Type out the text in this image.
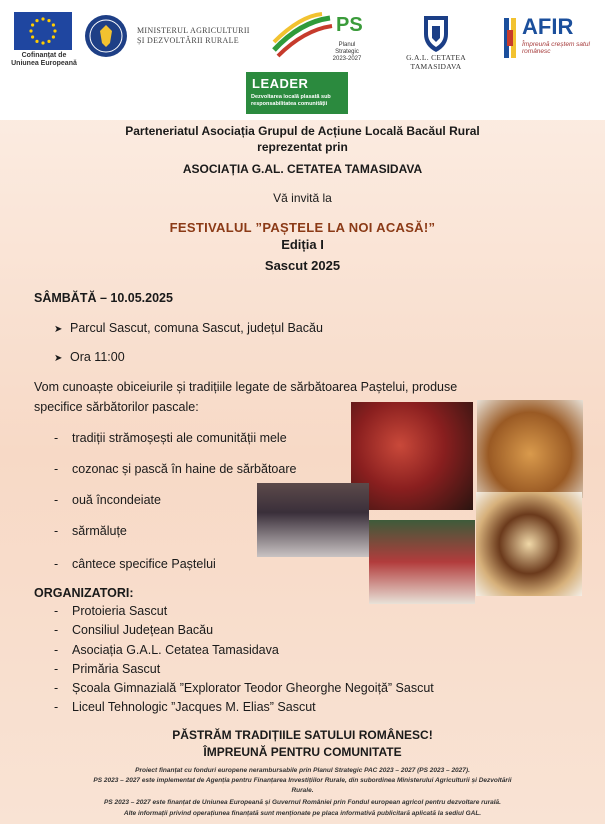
Cofinanțat de Uniunea Europeană
MINISTERUL AGRICULTURII ȘI DEZVOLTĂRII RURALE
PS
Planul Strategic 2023-2027	G.A.L. CETATEA TAMASIDAVA
AFIR
Împreună creștem satul românesc
LEADER
Dezvoltarea locală plasată sub responsabilitatea comunității
Parteneriatul Asociația Grupul de Acțiune Locală Bacăul Rural
reprezentat prin
ASOCIAȚIA G.AL. CETATEA TAMASIDAVA
Vă invită la
FESTIVALUL ”PAȘTELE LA NOI ACASĂ!”
Ediția I
Sascut 2025
SÂMBĂTĂ – 10.05.2025
➤ Parcul Sascut, comuna Sascut, județul Bacău
➤ Ora 11:00
Vom cunoaște obiceiurile și tradițiile legate de sărbătoarea Paștelui, produse specifice sărbătorilor pascale:
- tradiții strămoșești ale comunității mele
- cozonac și pască în haine de sărbătoare
- ouă încondeiate
- sărmăluțe
- cântece specifice Paștelui
ORGANIZATORI:
- Protoieria Sascut
- Consiliul Județean Bacău
- Asociația G.A.L. Cetatea Tamasidava
- Primăria Sascut
- Școala Gimnazială ”Explorator Teodor Gheorghe Negoiță” Sascut
- Liceul Tehnologic ”Jacques M. Elias” Sascut
PĂSTRĂM TRADIȚIILE SATULUI ROMÂNESC!
ÎMPREUNĂ PENTRU COMUNITATE
Proiect finanțat cu fonduri europene nerambursabile prin Planul Strategic PAC 2023 – 2027 (PS 2023 – 2027).
PS 2023 – 2027 este implementat de Agenția pentru Finanțarea Investițiilor Rurale, din subordinea Ministerului Agriculturii și Dezvoltării
Rurale.
PS 2023 – 2027 este finanțat de Uniunea Europeană și Guvernul României prin Fondul european agricol pentru dezvoltare rurală.
Alte informații privind operațiunea finanțată sunt menționate pe placa informativă publicitară aplicată la sediul GAL.
